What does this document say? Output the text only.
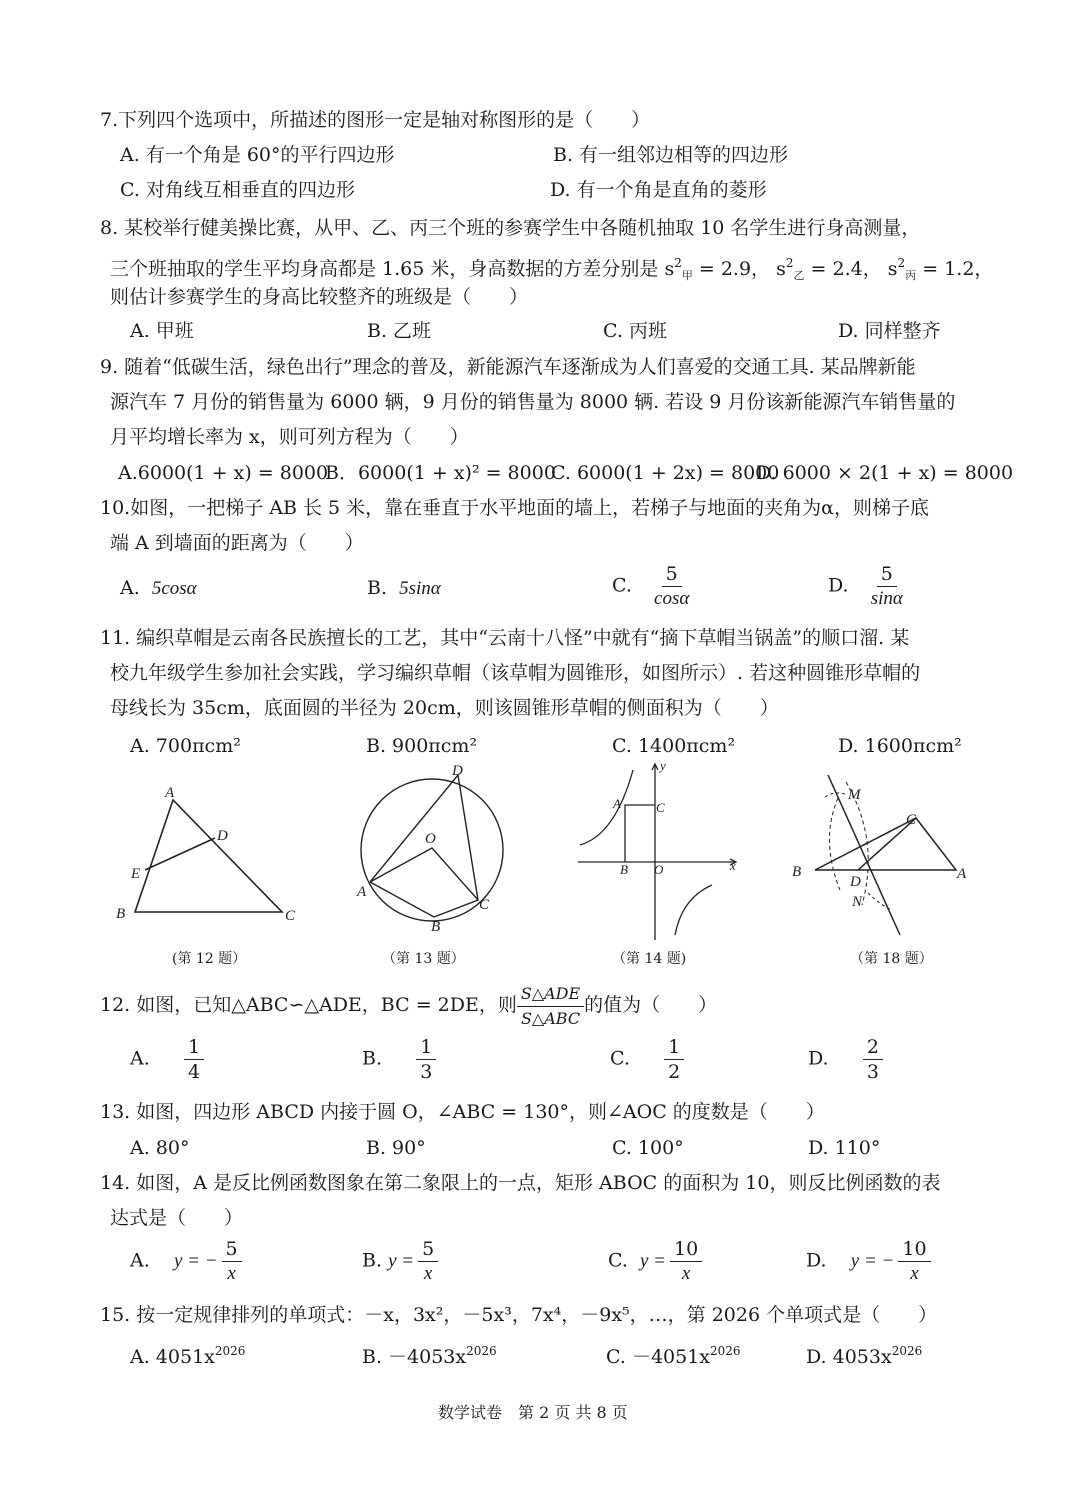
7.下列四个选项中，所描述的图形一定是轴对称图形的是（　　）
A. 有一个角是 60°的平行四边形	B. 有一组邻边相等的四边形
C. 对角线互相垂直的四边形	D. 有一个角是直角的菱形
8. 某校举行健美操比赛，从甲、乙、丙三个班的参赛学生中各随机抽取 10 名学生进行身高测量，
三个班抽取的学生平均身高都是 1.65 米，身高数据的方差分别是 $s^2_甲 = 2.9$， $s^2_乙 = 2.4$， $s^2_丙 = 1.2$，
则估计参赛学生的身高比较整齐的班级是（　　）
A. 甲班	B. 乙班	C. 丙班	D. 同样整齐
9. 随着“低碳生活，绿色出行”理念的普及，新能源汽车逐渐成为人们喜爱的交通工具. 某品牌新能
源汽车 7 月份的销售量为 6000 辆，9 月份的销售量为 8000 辆. 若设 9 月份该新能源汽车销售量的
月平均增长率为 x，则可列方程为（　　）
A.6000(1 + x) = 8000
B．6000(1 + x)² = 8000
C. 6000(1 + 2x) = 8000
D. 6000 × 2(1 + x) = 8000
10.如图，一把梯子 AB 长 5 米，靠在垂直于水平地面的墙上，若梯子与地面的夹角为α，则梯子底
端 A 到墙面的距离为（　　）
A. 5cosα	B. 5sinα	C. $\frac{5}{\cos\alpha}$	D. $\frac{5}{\sin\alpha}$
11. 编织草帽是云南各民族擅长的工艺，其中“云南十八怪”中就有“摘下草帽当锅盖”的顺口溜. 某
校九年级学生参加社会实践，学习编织草帽（该草帽为圆锥形，如图所示）. 若这种圆锥形草帽的
母线长为 35cm，底面圆的半径为 20cm，则该圆锥形草帽的侧面积为（　　）
A. 700πcm²	B. 900πcm²	C. 1400πcm²	D. 1600πcm²
A
D
E
B	C
D
O
A
B
C
y
A	C
B O	x
M
C
B
D	A
N
(第 12 题）	（第 13 题）	（第 14 题)	（第 18 题）
12. 如图，已知△ABC∽△ADE，BC = 2DE，则 $\frac{\text{S△ADE}}{\text{S△ABC}}$ 的值为（　　）
A. $\frac{1}{4}$	B. $\frac{1}{3}$	C. $\frac{1}{2}$	D. $\frac{2}{3}$
13. 如图，四边形 ABCD 内接于圆 O，∠ABC = 130°，则∠AOC 的度数是（　　）
A. 80°	B. 90°	C. 100°	D. 110°
14. 如图，A 是反比例函数图象在第二象限上的一点，矩形 ABOC 的面积为 10，则反比例函数的表
达式是（　　）
A. y = − $\frac{5}{x}$	B. $y = \frac{5}{x}$	C. $y = \frac{10}{x}$	D. y = − $\frac{10}{x}$
15. 按一定规律排列的单项式：－x，3x²，－5x³，7x⁴，－9x⁵，…，第 2026 个单项式是（　　）
A. $4051x^{2026}$	B. $-4053x^{2026}$	C. $-4051x^{2026}$	D. $4053x^{2026}$
数学试卷　第 2 页 共 8 页
